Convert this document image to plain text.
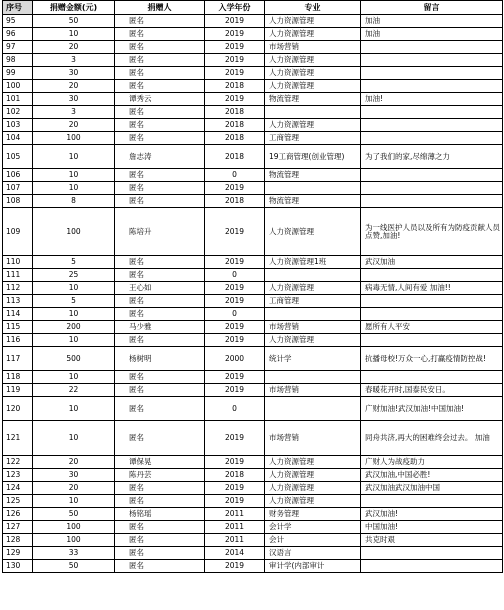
序号	捐赠金额(元)	捐赠人	入学年份	专业	留言
95	50	匿名	2019	人力资源管理	加油
96	10	匿名	2019	人力资源管理	加油
97	20	匿名	2019	市场营销	
98	3	匿名	2019	人力资源管理	
99	30	匿名	2019	人力资源管理	
100	20	匿名	2018	人力资源管理	
101	30	谭秀云	2019	物流管理	加油!
102	3	匿名	2018		
103	20	匿名	2018	人力资源管理	
104	100	匿名	2018	工商管理	
105	10	詹志涛	2018	19工商管理(创业管理)	为了我们的家,尽绵薄之力
106	10	匿名	0	物流管理	
107	10	匿名	2019		
108	8	匿名	2018	物流管理	
109	100	陈培升	2019	人力资源管理	为一线医护人员以及所有为防疫贡献人员点赞,加油!
110	5	匿名	2019	人力资源管理1班	武汉加油
111	25	匿名	0		
112	10	王心如	2019	人力资源管理	病毒无情,人间有爱 加油!!
113	5	匿名	2019	工商管理	
114	10	匿名	0		
115	200	马少雅	2019	市场营销	愿所有人平安
116	10	匿名	2019	人力资源管理	
117	500	杨树明	2000	统计学	抗播母校!万众一心,打赢疫情防控战!
118	10	匿名	2019		
119	22	匿名	2019	市场营销	春暖花开时,国泰民安日。
120	10	匿名	0		广财加油!武汉加油!中国加油!
121	10	匿名	2019	市场营销	同舟共济,再大的困难终会过去。 加油
122	20	谭保晃	2019	人力资源管理	广财人为战疫助力
123	30	陈丹芸	2018	人力资源管理	武汉加油,中国必胜!
124	20	匿名	2019	人力资源管理	武汉加油武汉加油中国
125	10	匿名	2019	人力资源管理	
126	50	杨铭瑶	2011	财务管理	武汉加油!
127	100	匿名	2011	会计学	中国加油!
128	100	匿名	2011	会计	共克时艰
129	33	匿名	2014	汉语言	
130	50	匿名	2019	审计学(内部审计	
